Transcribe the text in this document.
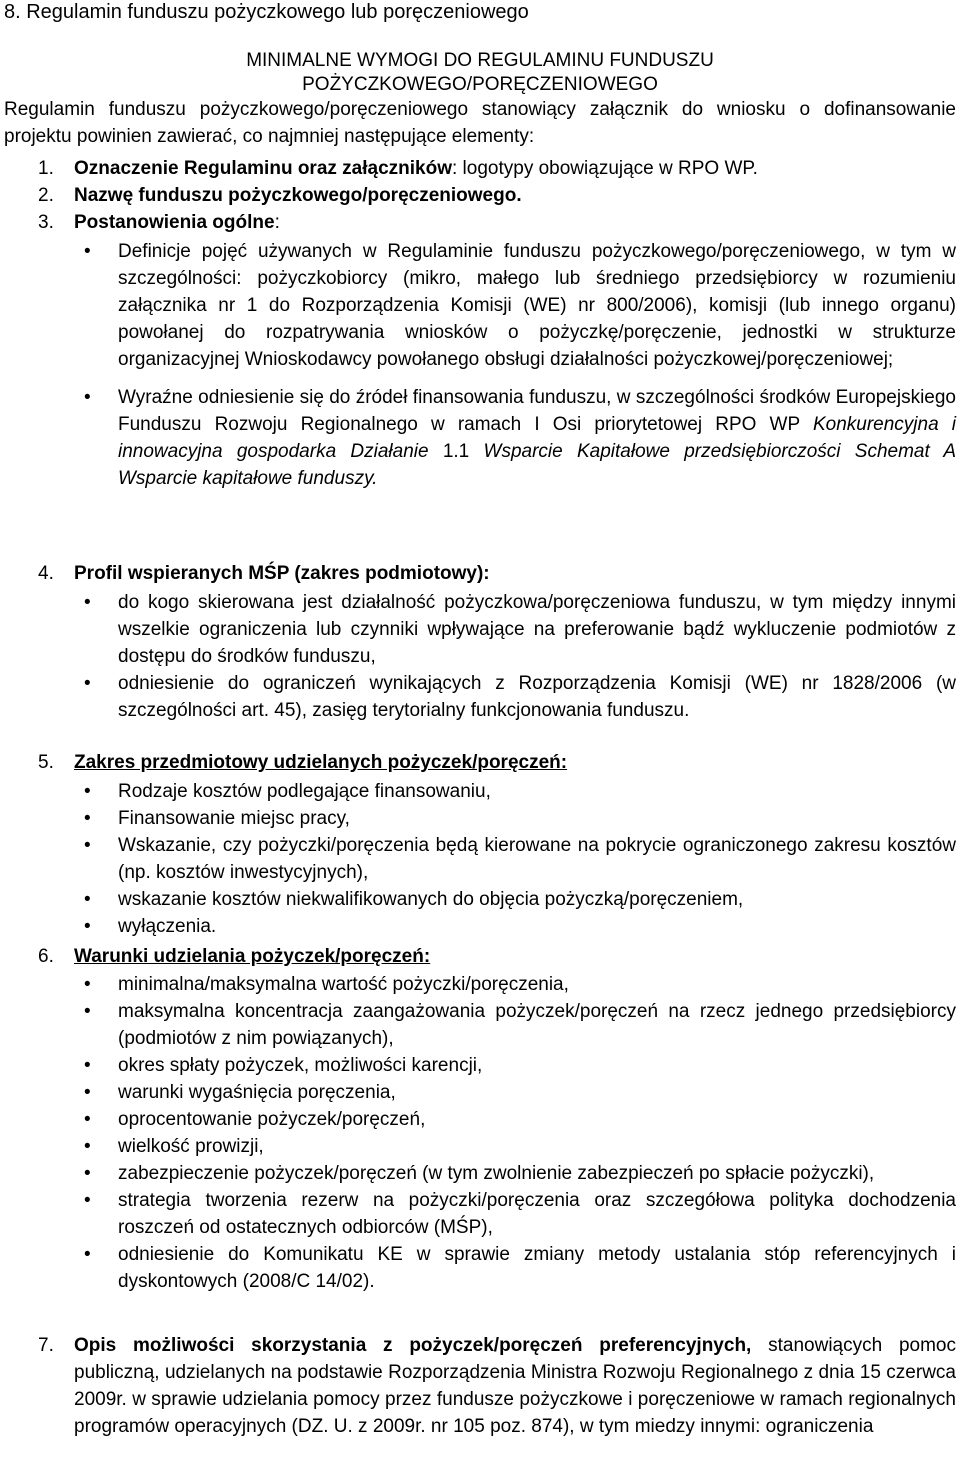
8. Regulamin funduszu pożyczkowego lub poręczeniowego
MINIMALNE WYMOGI DO REGULAMINU FUNDUSZU
POŻYCZKOWEGO/PORĘCZENIOWEGO
Regulamin funduszu pożyczkowego/poręczeniowego stanowiący załącznik do wniosku o dofinansowanie projektu powinien zawierać, co najmniej następujące elementy:
1.	Oznaczenie Regulaminu oraz załączników: logotypy obowiązujące w RPO WP.
2.	Nazwę funduszu pożyczkowego/poręczeniowego.
3.	Postanowienia ogólne:
• Definicje pojęć używanych w Regulaminie funduszu pożyczkowego/poręczeniowego, w tym w szczególności: pożyczkobiorcy (mikro, małego lub średniego przedsiębiorcy w rozumieniu załącznika nr 1 do Rozporządzenia Komisji (WE) nr 800/2006), komisji (lub innego organu) powołanej do rozpatrywania wniosków o pożyczkę/poręczenie, jednostki w strukturze organizacyjnej Wnioskodawcy powołanego obsługi działalności pożyczkowej/poręczeniowej;
• Wyraźne odniesienie się do źródeł finansowania funduszu, w szczególności środków Europejskiego Funduszu Rozwoju Regionalnego w ramach I Osi priorytetowej RPO WP Konkurencyjna i innowacyjna gospodarka Działanie 1.1 Wsparcie Kapitałowe przedsiębiorczości Schemat A Wsparcie kapitałowe funduszy.
4.	Profil wspieranych MŚP (zakres podmiotowy):
• do kogo skierowana jest działalność pożyczkowa/poręczeniowa funduszu, w tym między innymi wszelkie ograniczenia lub czynniki wpływające na preferowanie bądź wykluczenie podmiotów z dostępu do środków funduszu,
• odniesienie do ograniczeń wynikających z Rozporządzenia Komisji (WE) nr 1828/2006 (w szczególności art. 45), zasięg terytorialny funkcjonowania funduszu.
5.	Zakres przedmiotowy udzielanych pożyczek/poręczeń:
• Rodzaje kosztów podlegające finansowaniu,
• Finansowanie miejsc pracy,
• Wskazanie, czy pożyczki/poręczenia będą kierowane na pokrycie ograniczonego zakresu kosztów (np. kosztów inwestycyjnych),
• wskazanie kosztów niekwalifikowanych do objęcia pożyczką/poręczeniem,
• wyłączenia.
6.	Warunki udzielania pożyczek/poręczeń:
• minimalna/maksymalna wartość pożyczki/poręczenia,
• maksymalna koncentracja zaangażowania pożyczek/poręczeń na rzecz jednego przedsiębiorcy (podmiotów z nim powiązanych),
• okres spłaty pożyczek, możliwości karencji,
• warunki wygaśnięcia poręczenia,
• oprocentowanie pożyczek/poręczeń,
• wielkość prowizji,
• zabezpieczenie pożyczek/poręczeń (w tym zwolnienie zabezpieczeń po spłacie pożyczki),
• strategia tworzenia rezerw na pożyczki/poręczenia oraz szczegółowa polityka dochodzenia roszczeń od ostatecznych odbiorców (MŚP),
• odniesienie do Komunikatu KE w sprawie zmiany metody ustalania stóp referencyjnych i dyskontowych (2008/C 14/02).
7.	Opis możliwości skorzystania z pożyczek/poręczeń preferencyjnych, stanowiących pomoc publiczną, udzielanych na podstawie Rozporządzenia Ministra Rozwoju Regionalnego z dnia 15 czerwca 2009r. w sprawie udzielania pomocy przez fundusze pożyczkowe i poręczeniowe w ramach regionalnych programów operacyjnych (DZ. U. z 2009r. nr 105 poz. 874), w tym miedzy innymi: ograniczenia
